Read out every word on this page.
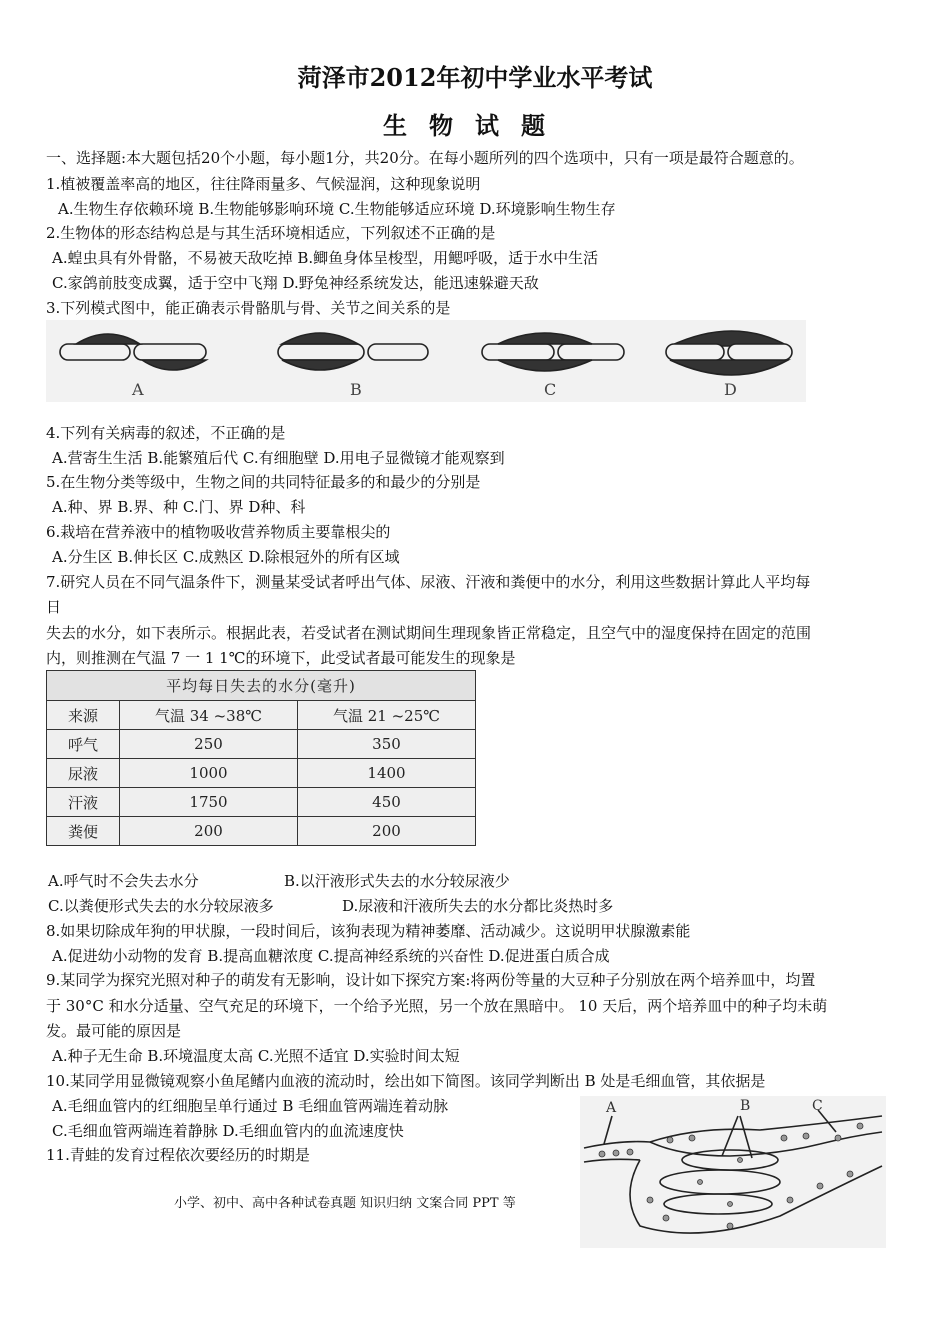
菏泽市2012年初中学业水平考试
生物试题
一、选择题:本大题包括20个小题，每小题1分，共20分。在每小题所列的四个选项中，只有一项是最符合题意的。
1.植被覆盖率高的地区，往往降雨量多、气候湿润，这种现象说明
A.生物生存依赖环境 B.生物能够影响环境 C.生物能够适应环境 D.环境影响生物生存
2.生物体的形态结构总是与其生活环境相适应，下列叙述不正确的是
A.蝗虫具有外骨骼，不易被天敌吃掉 B.鲫鱼身体呈梭型，用鳃呼吸，适于水中生活
C.家鸽前肢变成翼，适于空中飞翔 D.野兔神经系统发达，能迅速躲避天敌
3.下列模式图中，能正确表示骨骼肌与骨、关节之间关系的是
A	B	C	D
4.下列有关病毒的叙述，不正确的是
A.营寄生生活 B.能繁殖后代 C.有细胞壁 D.用电子显微镜才能观察到
5.在生物分类等级中，生物之间的共同特征最多的和最少的分别是
A.种、界 B.界、种 C.门、界 D种、科
6.栽培在营养液中的植物吸收营养物质主要靠根尖的
A.分生区 B.伸长区 C.成熟区 D.除根冠外的所有区域
7.研究人员在不同气温条件下，测量某受试者呼出气体、尿液、汗液和粪便中的水分，利用这些数据计算此人平均每
日
失去的水分，如下表所示。根据此表，若受试者在测试期间生理现象皆正常稳定，且空气中的湿度保持在固定的范围
内，则推测在气温 7 一 1 1℃的环境下，此受试者最可能发生的现象是
平均每日失去的水分(毫升)		
来源	气温 34 ~38℃	气温 21 ~25℃
呼气	250	350
尿液	1000	1400
汗液	1750	450
粪便	200	200
A.呼气时不会失去水分	B.以汗液形式失去的水分较尿液少
C.以粪便形式失去的水分较尿液多	D.尿液和汗液所失去的水分都比炎热时多
8.如果切除成年狗的甲状腺，一段时间后，该狗表现为精神萎靡、活动减少。这说明甲状腺激素能
A.促进幼小动物的发育 B.提高血糖浓度 C.提高神经系统的兴奋性 D.促进蛋白质合成
9.某同学为探究光照对种子的萌发有无影响，设计如下探究方案:将两份等量的大豆种子分别放在两个培养皿中，均置
于 30°C 和水分适量、空气充足的环境下，一个给予光照，另一个放在黑暗中。 10 天后，两个培养皿中的种子均未萌
发。最可能的原因是
A.种子无生命 B.环境温度太高 C.光照不适宜 D.实验时间太短
10.某同学用显微镜观察小鱼尾鳍内血液的流动时，绘出如下简图。该同学判断出 B 处是毛细血管，其依据是
A.毛细血管内的红细胞呈单行通过 B 毛细血管两端连着动脉
C.毛细血管两端连着静脉 D.毛细血管内的血流速度快
11.青蛙的发育过程依次要经历的时期是
A	B	C
小学、初中、高中各种试卷真题 知识归纳 文案合同 PPT 等
